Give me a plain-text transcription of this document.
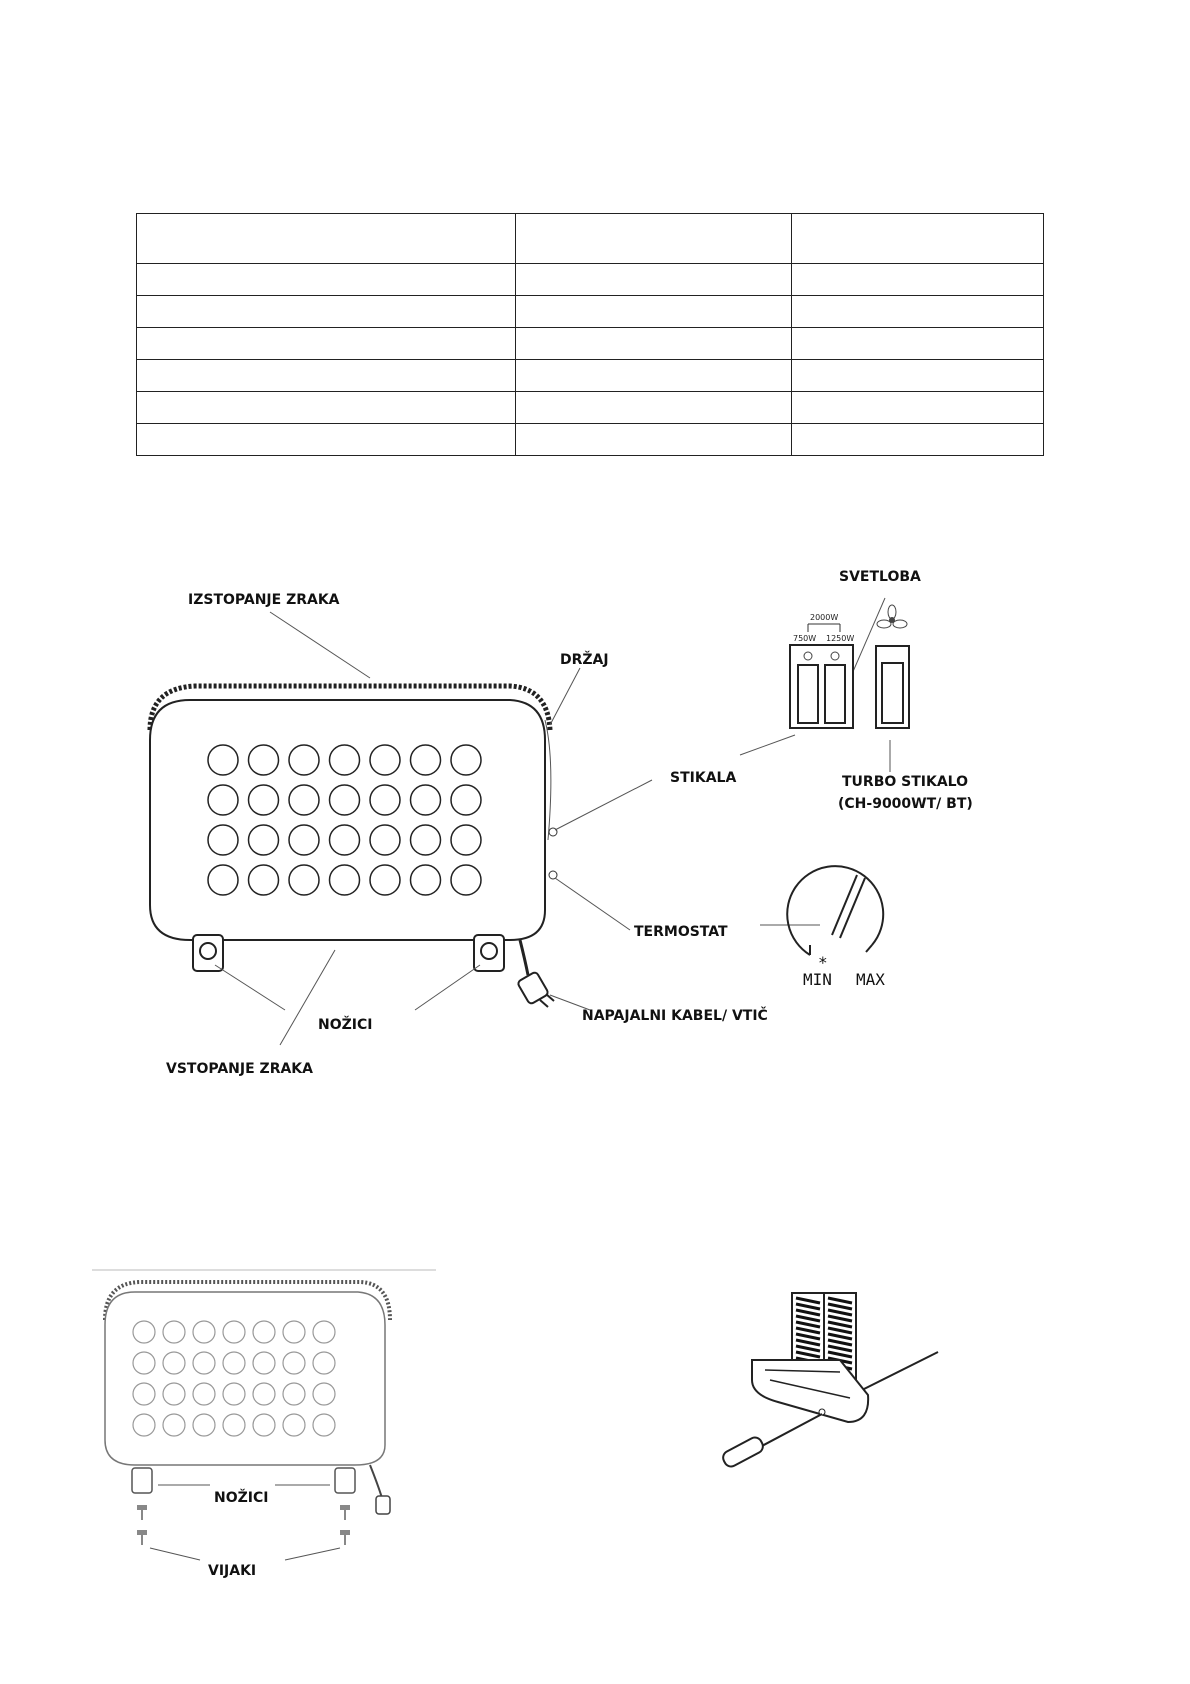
2000W
750W 1250W
*
MIN MAX
IZSTOPANJE ZRAKA
DRŽAJ
SVETLOBA
STIKALA	TURBO STIKALO
(CH-9000WT/ BT)
TERMOSTAT
NOŽICI
NAPAJALNI KABEL/ VTIČ
VSTOPANJE ZRAKA
NOŽICI
VIJAKI
